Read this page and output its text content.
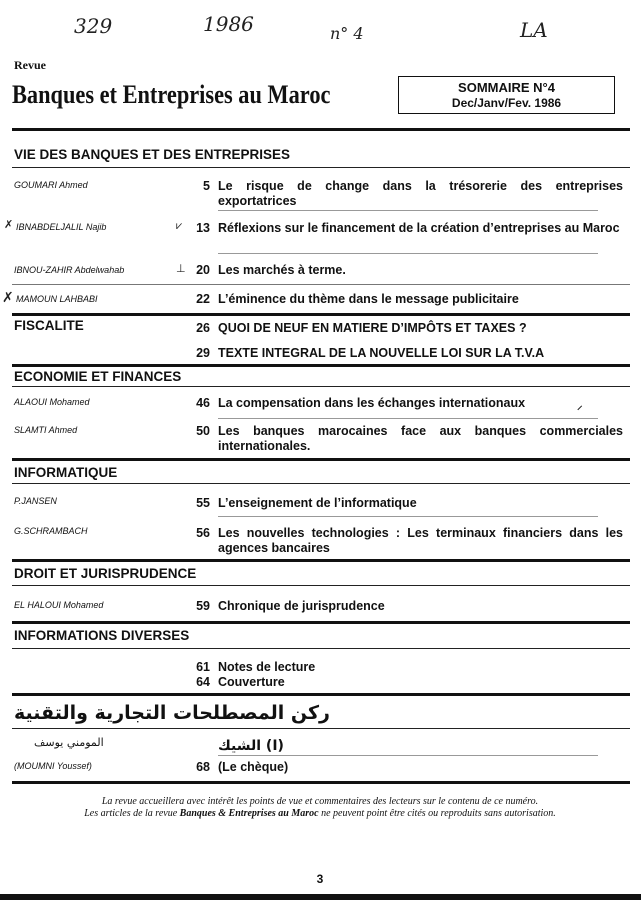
329	1986	n° 4	LA
Revue
Banques et Entreprises au Maroc	SOMMAIRE N°4
Dec/Janv/Fev. 1986
VIE DES BANQUES ET DES ENTREPRISES
GOUMARI Ahmed	5 Le risque de change dans la trésorerie des entreprises exportatrices
✗ IBNABDELJALIL Najib	⩗	13 Réflexions sur le financement de la création d’entreprises au Maroc
IBNOU-ZAHIR Abdelwahab	⊥ 20 Les marchés à terme.
✗ MAMOUN LAHBABI	22 L’éminence du thème dans le message publicitaire
FISCALITE	26 QUOI DE NEUF EN MATIERE D’IMPÔTS ET TAXES ?
29 TEXTE INTEGRAL DE LA NOUVELLE LOI SUR LA T.V.A
ECONOMIE ET FINANCES
ALAOUI Mohamed	46 La compensation dans les échanges internationaux	⸝
SLAMTI Ahmed	50 Les banques marocaines face aux banques commerciales internationales.
INFORMATIQUE
P.JANSEN	55 L’enseignement de l’informatique
G.SCHRAMBACH	56 Les nouvelles technologies : Les terminaux financiers dans les agences bancaires
DROIT ET JURISPRUDENCE
EL HALOUI Mohamed	59 Chronique de jurisprudence
INFORMATIONS DIVERSES
61 Notes de lecture
64 Couverture
ركن المصطلحات التجارية والتقنية
المومني يوسف	الشيك (I)
(MOUMNI Youssef)	68 (Le chèque)
La revue accueillera avec intérêt les points de vue et commentaires des lecteurs sur le contenu de ce numéro.
Les articles de la revue Banques & Entreprises au Maroc ne peuvent point être cités ou reproduits sans autorisation.
3
